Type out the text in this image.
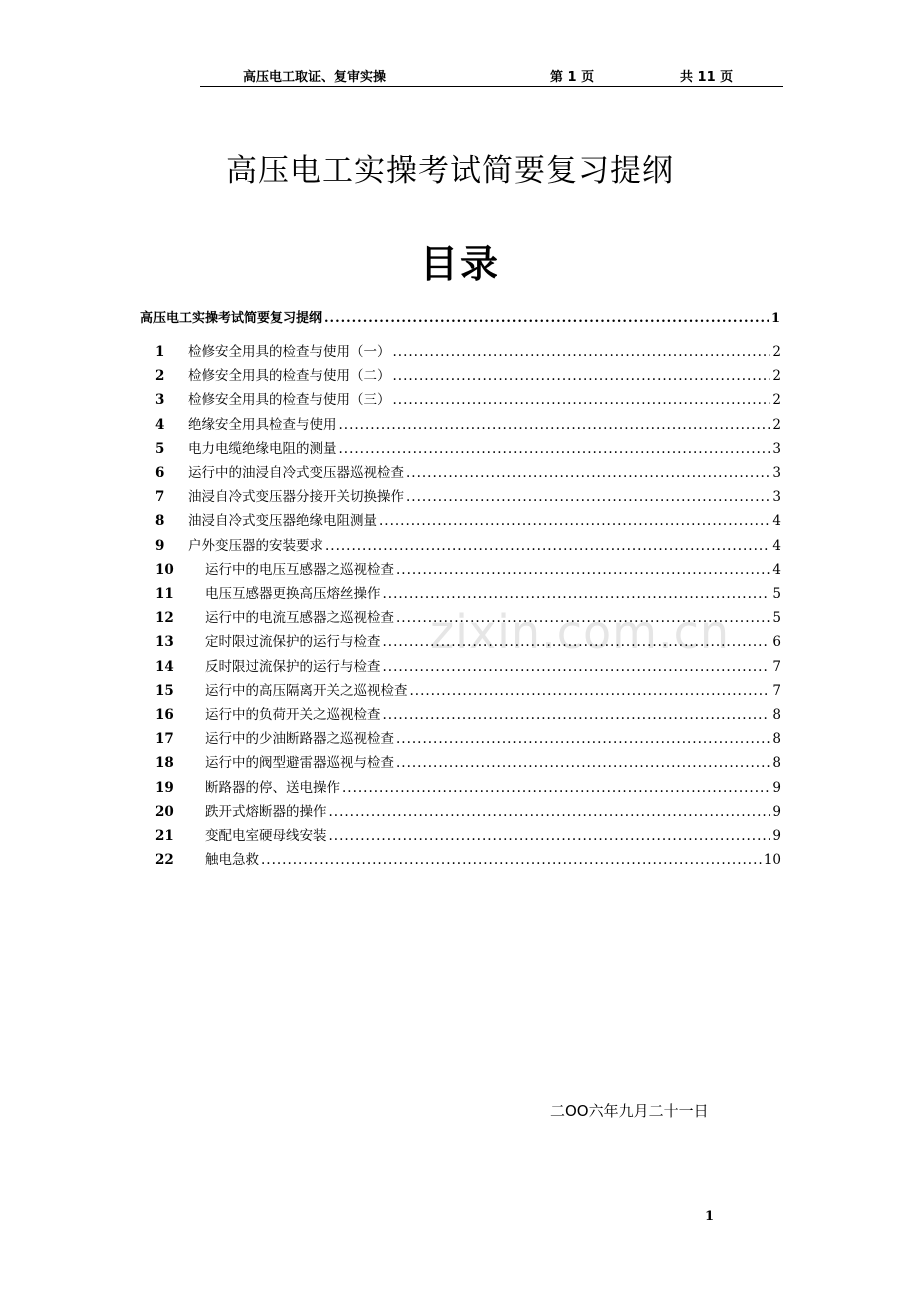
高压电工取证、复审实操	第 1 页	共 11 页
高压电工实操考试简要复习提纲
目录
zixin.com.cn
高压电工实操考试简要复习提纲 .....	1
1	检修安全用具的检查与使用（一） .....	2
2	检修安全用具的检查与使用（二） .....	2
3	检修安全用具的检查与使用（三） .....	2
4	绝缘安全用具检查与使用 .....	2
5	电力电缆绝缘电阻的测量 .....	3
6	运行中的油浸自冷式变压器巡视检查 .....	3
7	油浸自冷式变压器分接开关切换操作 .....	3
8	油浸自冷式变压器绝缘电阻测量 .....	4
9	户外变压器的安装要求 .....	4
10	运行中的电压互感器之巡视检查 .....	4
11	电压互感器更换高压熔丝操作 .....	5
12	运行中的电流互感器之巡视检查 .....	5
13	定时限过流保护的运行与检查 .....	6
14	反时限过流保护的运行与检查 .....	7
15	运行中的高压隔离开关之巡视检查 .....	7
16	运行中的负荷开关之巡视检查 .....	8
17	运行中的少油断路器之巡视检查 .....	8
18	运行中的阀型避雷器巡视与检查 .....	8
19	断路器的停、送电操作 .....	9
20	跌开式熔断器的操作 .....	9
21	变配电室硬母线安装 .....	9
22	触电急救 .....	10
二OO六年九月二十一日
1
